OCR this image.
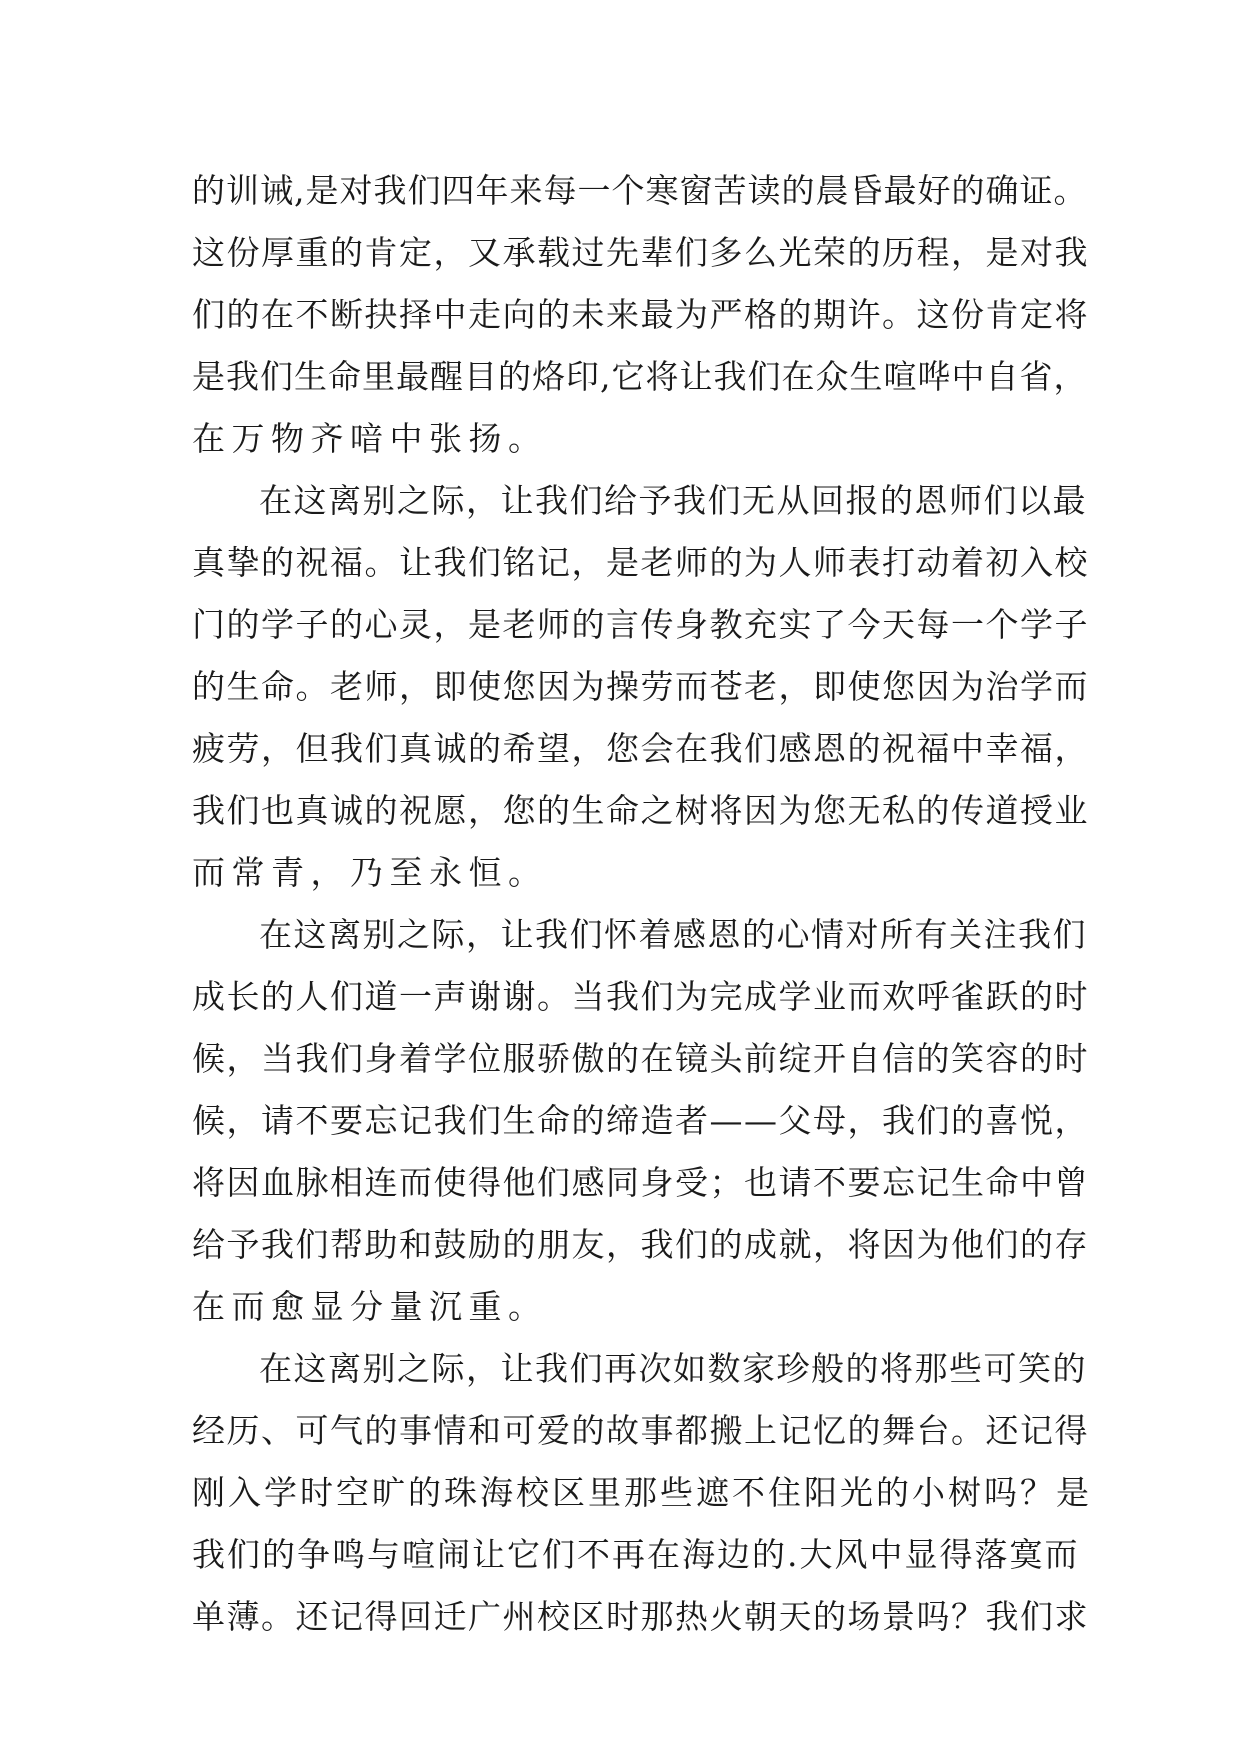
的训诫,是对我们四年来每一个寒窗苦读的晨昏最好的确证。
这份厚重的肯定，又承载过先辈们多么光荣的历程，是对我
们的在不断抉择中走向的未来最为严格的期许。这份肯定将
是我们生命里最醒目的烙印,它将让我们在众生喧哗中自省，
在万物齐喑中张扬。
在这离别之际，让我们给予我们无从回报的恩师们以最
真挚的祝福。让我们铭记，是老师的为人师表打动着初入校
门的学子的心灵，是老师的言传身教充实了今天每一个学子
的生命。老师，即使您因为操劳而苍老，即使您因为治学而
疲劳，但我们真诚的希望，您会在我们感恩的祝福中幸福，
我们也真诚的祝愿，您的生命之树将因为您无私的传道授业
而常青，乃至永恒。
在这离别之际，让我们怀着感恩的心情对所有关注我们
成长的人们道一声谢谢。当我们为完成学业而欢呼雀跃的时
候，当我们身着学位服骄傲的在镜头前绽开自信的笑容的时
候，请不要忘记我们生命的缔造者——父母，我们的喜悦，
将因血脉相连而使得他们感同身受；也请不要忘记生命中曾
给予我们帮助和鼓励的朋友，我们的成就，将因为他们的存
在而愈显分量沉重。
在这离别之际，让我们再次如数家珍般的将那些可笑的
经历、可气的事情和可爱的故事都搬上记忆的舞台。还记得
刚入学时空旷的珠海校区里那些遮不住阳光的小树吗？是
我们的争鸣与喧闹让它们不再在海边的.大风中显得落寞而
单薄。还记得回迁广州校区时那热火朝天的场景吗？我们求
